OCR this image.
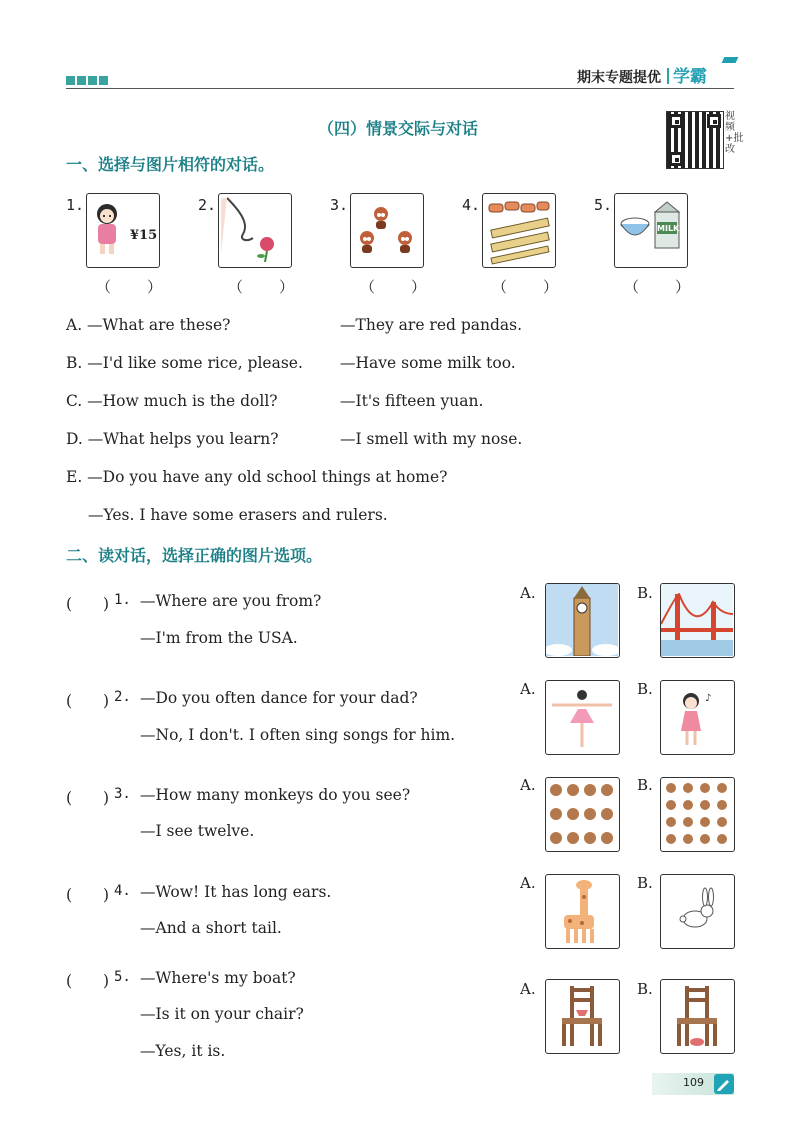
期末专题提优 学霸
（四）情景交际与对话
视频+批改
一、选择与图片相符的对话。
1.	2.	3.	4.	5.
¥15	MILK
（　　）	（　　）	（　　）	（　　）	（　　）
A. —What are these?	—They are red pandas.
B. —I'd like some rice, please. —Have some milk too.
C. —How much is the doll?	—It's fifteen yuan.
D. —What helps you learn?	—I smell with my nose.
E. —Do you have any old school things at home?
—Yes. I have some erasers and rulers.
二、读对话，选择正确的图片选项。
(　　) 1. —Where are you from?
—I'm from the USA.
A.	B.
(　　) 2. —Do you often dance for your dad?
—No, I don't. I often sing songs for him.
A.	B.
♪
(　　) 3. —How many monkeys do you see?
—I see twelve.
A.	B.
(　　) 4. —Wow! It has long ears.
—And a short tail.
A.	B.
(　　) 5. —Where's my boat?
—Is it on your chair?
—Yes, it is.
A.	B.
109
